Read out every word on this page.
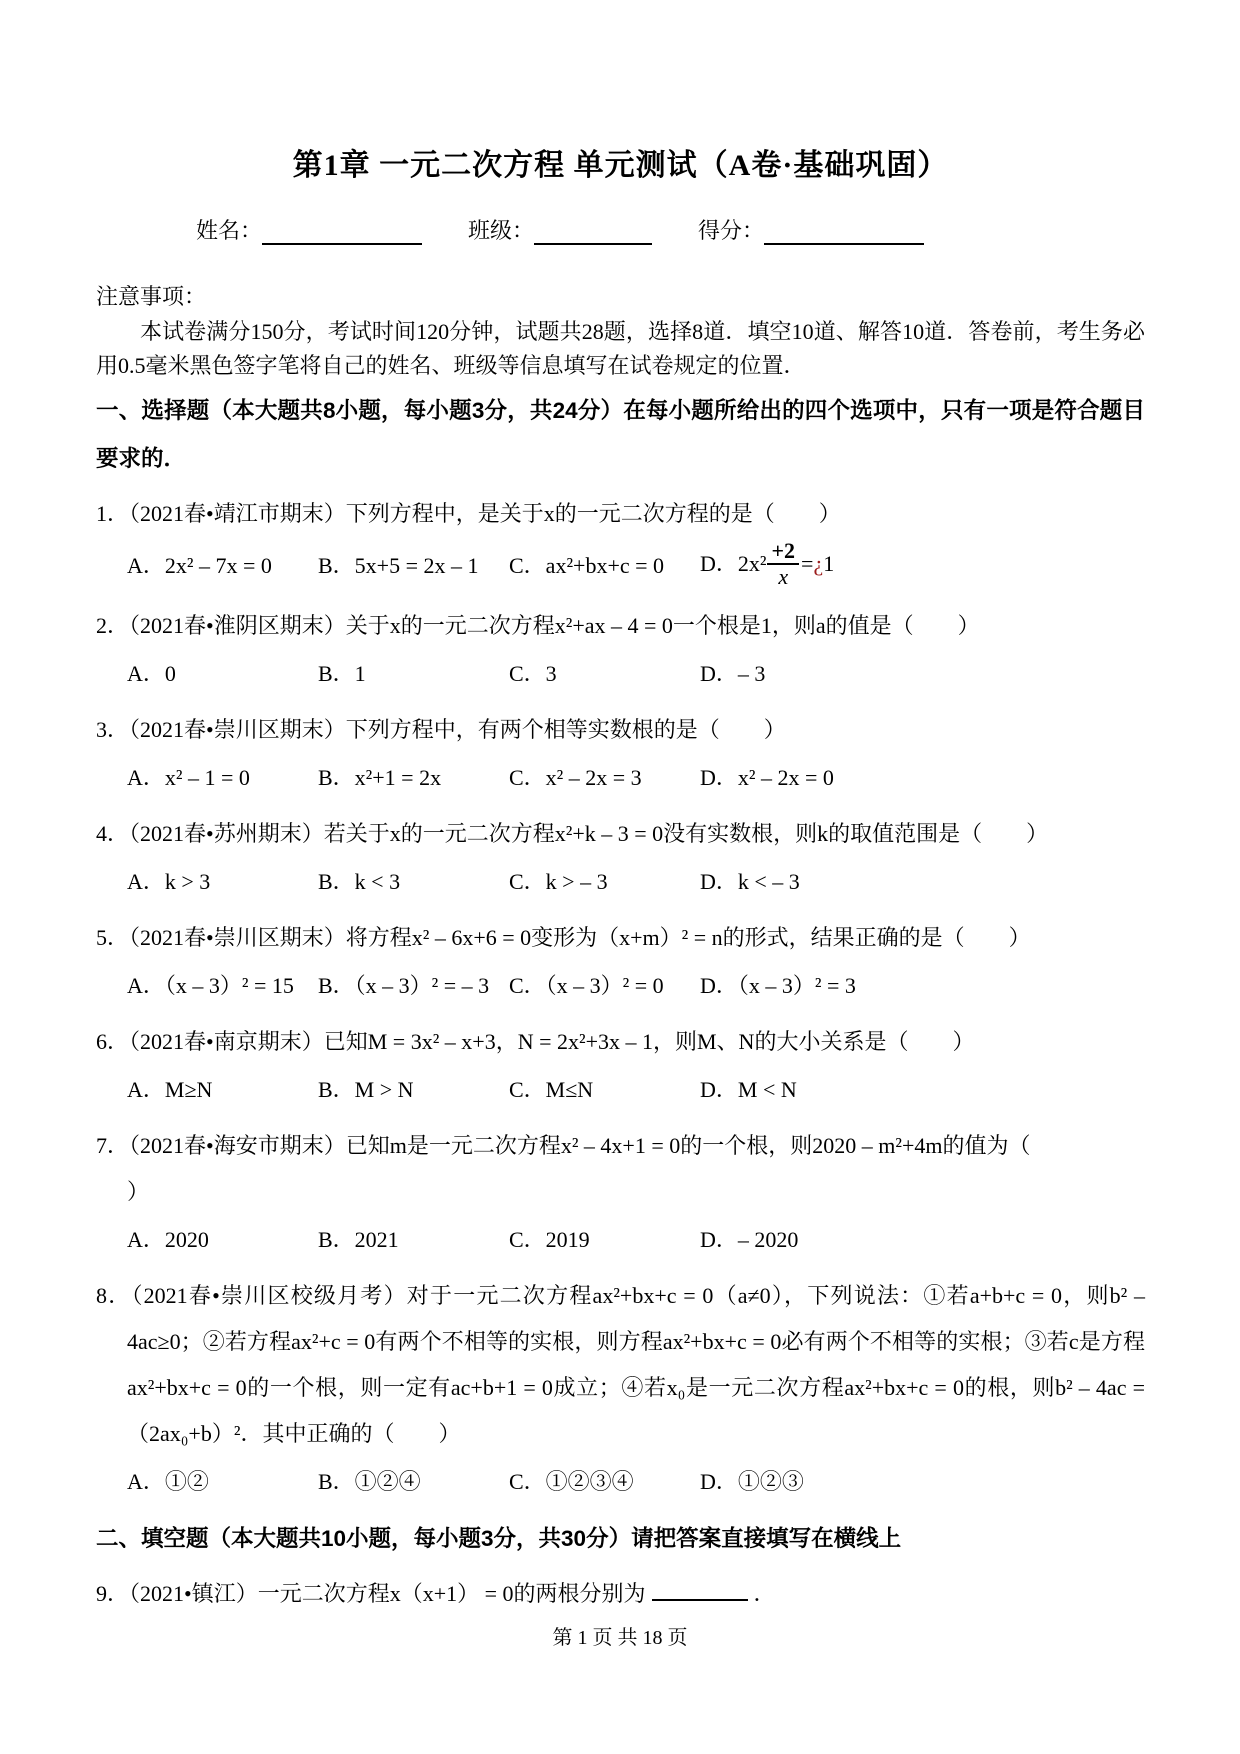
第1章 一元二次方程 单元测试（A卷·基础巩固）
姓名：	班级：	得分：

注意事项：

本试卷满分150分，考试时间120分钟，试题共28题，选择8道．填空10道、解答10道．答卷前，考生务必用0.5毫米黑色签字笔将自己的姓名、班级等信息填写在试卷规定的位置．

一、选择题（本大题共8小题，每小题3分，共24分）在每小题所给出的四个选项中，只有一项是符合题目要求的．

1．（2021春•靖江市期末）下列方程中，是关于x的一元二次方程的是（　　）

A．2x² – 7x = 0	B．5x+5 = 2x – 1	C．ax²+bx+c = 0	D．$2x^2 \frac{+2}{x}$ =¿1

2．（2021春•淮阴区期末）关于x的一元二次方程x²+ax – 4 = 0一个根是1，则a的值是（　　）

A．0	B．1	C．3	D．– 3

3．（2021春•崇川区期末）下列方程中，有两个相等实数根的是（　　）

A．x² – 1 = 0	B．x²+1 = 2x	C．x² – 2x = 3	D．x² – 2x = 0

4．（2021春•苏州期末）若关于x的一元二次方程x²+k – 3 = 0没有实数根，则k的取值范围是（　　）

A．k > 3	B．k < 3	C．k > – 3	D．k < – 3

5．（2021春•崇川区期末）将方程x² – 6x+6 = 0变形为（x+m）² = n的形式，结果正确的是（　　）

A．（x – 3）² = 15	B．（x – 3）² = – 3 C．（x – 3）² = 0	D．（x – 3）² = 3

6．（2021春•南京期末）已知M = 3x² – x+3，N = 2x²+3x – 1，则M、N的大小关系是（　　）

A．M≥N	B．M > N	C．M≤N	D．M < N

7．（2021春•海安市期末）已知m是一元二次方程x² – 4x+1 = 0的一个根，则2020 – m²+4m的值为（

）
A．2020	B．2021	C．2019	D．– 2020

8．（2021春•崇川区校级月考）对于一元二次方程ax²+bx+c = 0（a≠0），下列说法：①若a+b+c = 0，则b² – 4ac≥0；②若方程ax²+c = 0有两个不相等的实根，则方程ax²+bx+c = 0必有两个不相等的实根；③若c是方程ax²+bx+c = 0的一个根，则一定有ac+b+1 = 0成立；④若x₀是一元二次方程ax²+bx+c = 0的根，则b² – 4ac = （2ax₀+b）²．其中正确的（　　）

A．①②	B．①②④	C．①②③④	D．①②③

二、填空题（本大题共10小题，每小题3分，共30分）请把答案直接填写在横线上

9．（2021•镇江）一元二次方程x（x+1） = 0的两根分别为	．

第 1 页 共 18 页
